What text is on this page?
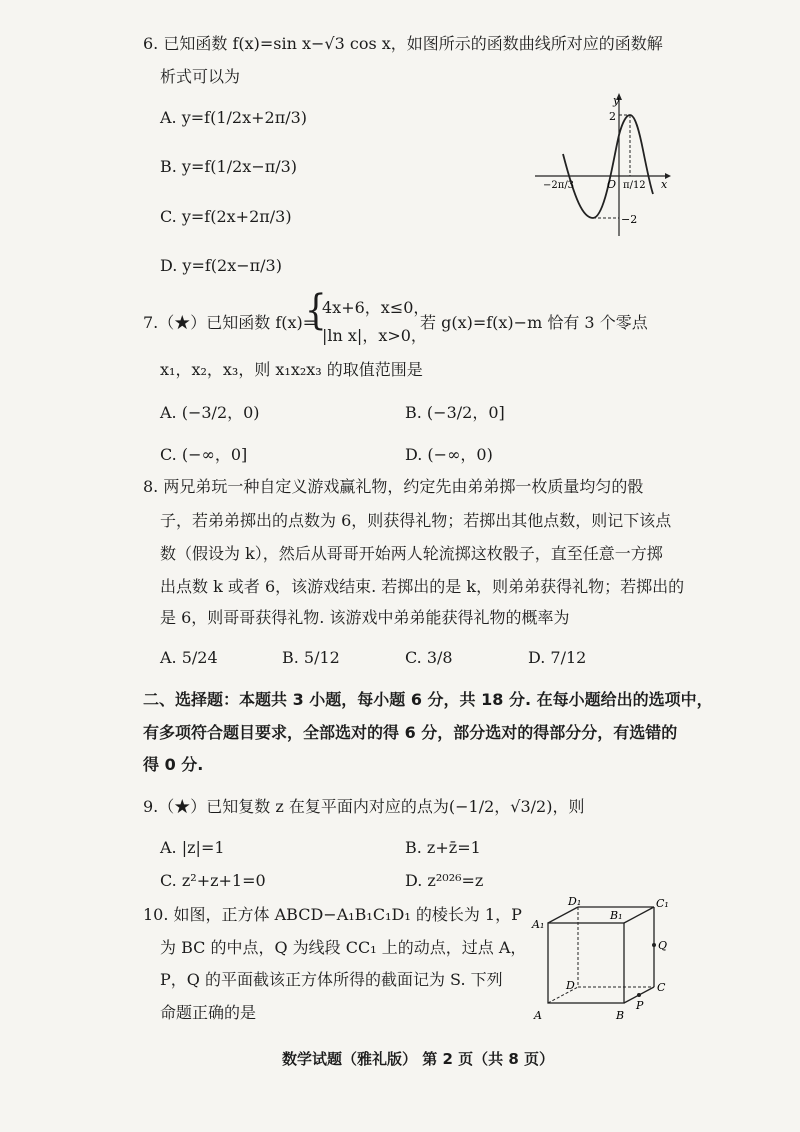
6. 已知函数 f(x)=sin x−√3 cos x，如图所示的函数曲线所对应的函数解
析式可以为
A. y=f(1/2x+2π/3)
B. y=f(1/2x−π/3)
C. y=f(2x+2π/3)
D. y=f(2x−π/3)
y
x
O
2
−2
−2π/3	π/12
7.（★）已知函数 f(x)=
{
4x+6，x≤0，
|ln x|，x>0，
若 g(x)=f(x)−m 恰有 3 个零点
x₁，x₂，x₃，则 x₁x₂x₃ 的取值范围是
A. (−3/2，0)	B. (−3/2，0]
C. (−∞，0]	D. (−∞，0)
8. 两兄弟玩一种自定义游戏赢礼物，约定先由弟弟掷一枚质量均匀的骰
子，若弟弟掷出的点数为 6，则获得礼物；若掷出其他点数，则记下该点
数（假设为 k），然后从哥哥开始两人轮流掷这枚骰子，直至任意一方掷
出点数 k 或者 6，该游戏结束. 若掷出的是 k，则弟弟获得礼物；若掷出的
是 6，则哥哥获得礼物. 该游戏中弟弟能获得礼物的概率为
A. 5/24	B. 5/12	C. 3/8	D. 7/12
二、选择题：本题共 3 小题，每小题 6 分，共 18 分. 在每小题给出的选项中，
有多项符合题目要求，全部选对的得 6 分，部分选对的得部分分，有选错的
得 0 分.
9.（★）已知复数 z 在复平面内对应的点为(−1/2，√3/2)，则
A. |z|=1	B. z+z̄=1
C. z²+z+1=0	D. z²⁰²⁶=z
10. 如图，正方体 ABCD−A₁B₁C₁D₁ 的棱长为 1，P
为 BC 的中点，Q 为线段 CC₁ 上的动点，过点 A，
P，Q 的平面截该正方体所得的截面记为 S. 下列
命题正确的是
A₁
D₁
B₁
C₁
Q
C
D
A	B
P
数学试题（雅礼版） 第 2 页（共 8 页）
